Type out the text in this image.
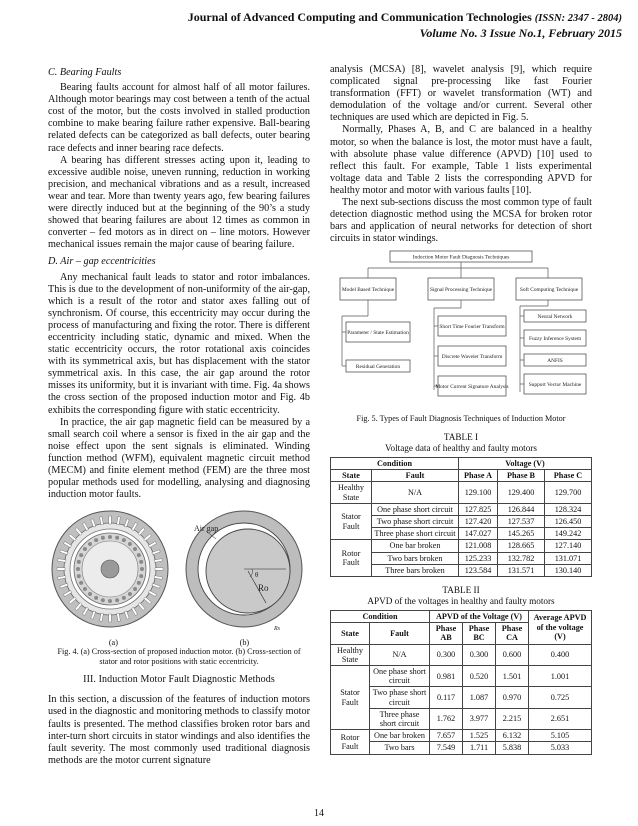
Journal of Advanced Computing and Communication Technologies (ISSN: 2347 - 2804)
Volume No. 3 Issue No.1, February 2015
C. Bearing Faults

Bearing faults account for almost half of all motor failures. Although motor bearings may cost between a tenth of the actual cost of the motor, but the costs involved in stalled production combine to make bearing failure rather expensive. Ball-bearing related defects can be categorized as ball defects, outer bearing race defects and inner bearing race defects.

A bearing has different stresses acting upon it, leading to excessive audible noise, uneven running, reduction in working precision, and mechanical vibrations and as a result, increased wear and tear. More than twenty years ago, few bearing failures were directly induced but at the beginning of the 90’s a study showed that bearing failures are about 12 times as common in converter – fed motors as in direct on – line motors. However mechanical issues remain the major cause of bearing failure.

D. Air – gap eccentricities

Any mechanical fault leads to stator and rotor imbalances. This is due to the development of non-uniformity of the air-gap, which is a result of the rotor and stator axes falling out of synchronism. Of course, this eccentricity may occur during the process of manufacturing and fixing the rotor. There is different eccentricity including static, dynamic and mixed. When the static eccentricity occurs, the rotor rotational axis coincides with its symmetrical axis, but has displacement with the stator symmetrical axis. In this case, the air gap around the rotor misses its uniformity, but it is invariant with time. Fig. 4a shows the cross section of the proposed induction motor and Fig. 4b exhibits the corresponding figure with static eccentricity.

In practice, the air gap magnetic field can be measured by a small search coil where a sensor is fixed in the air gap and the noise effect upon the sent signals is eliminated. Winding function method (WFM), equivalent magnetic circuit method (MECM) and finite element method (FEM) are the three most popular methods used for modelling, analysing and diagnosing induction motor faults.

Air gap
Ro
Rs
θ
(a)	(b)
Fig. 4. (a) Cross-section of proposed induction motor. (b) Cross-section of stator and rotor positions with static eccentricity.
III. Induction Motor Fault Diagnostic Methods

In this section, a discussion of the features of induction motors used in the diagnostic and monitoring methods to classify motor faults is presented. The method classifies broken rotor bars and inter-turn short circuits in stator windings and also identifies the fault severity. The most commonly used traditional diagnosis methods are the motor current signature

analysis (MCSA) [8], wavelet analysis [9], which require complicated signal pre-processing like fast Fourier transformation (FFT) or wavelet transformation (WT) and demodulation of the voltage and/or current. Several other techniques are used which are depicted in Fig. 5.

Normally, Phases A, B, and C are balanced in a healthy motor, so when the balance is lost, the motor must have a fault, with absolute phase value difference (APVD) [10] used to reflect this fault. For example, Table 1 lists experimental voltage data and Table 2 lists the corresponding APVD for healthy motor and motor with various faults [10].

The next sub-sections discuss the most common type of fault detection diagnostic method using the MCSA for broken rotor bars and application of neural networks for detection of short circuits in stator windings.

Induction Motor Fault Diagnosis Techniques
Model Based Technique	Signal Processing Technique	Soft Computing Technique
Parameter / State Estimation
Residual Generation
Short Time Fourier Transform
Discrete Wavelet Transform
Motor Current Signature Analysis
Neural Network
Fuzzy Inference System
ANFIS
Support Vector Machine
Fig. 5. Types of Fault Diagnosis Techniques of Induction Motor
TABLE I
Voltage data of healthy and faulty motors
Condition		Voltage (V)		
State	Fault	Phase A	Phase B	Phase C
Healthy State	N/A	129.100	129.400	129.700
Stator Fault	One phase short circuit	127.825	126.844	128.324
	Two phase short circuit	127.420	127.537	126.450
	Three phase short circuit	147.027	145.265	149.242
Rotor Fault	One bar broken	121.008	128.665	127.140
	Two bars broken	125.233	132.782	131.071
	Three bars broken	123.584	131.571	130.140
TABLE II
APVD of the voltages in healthy and faulty motors
Condition		APVD of the Voltage (V)			Average APVD of the voltage (V)
State	Fault	Phase AB	Phase BC	Phase CA	
Healthy State	N/A	0.300	0.300	0.600	0.400
Stator Fault	One phase short circuit	0.981	0.520	1.501	1.001
	Two phase short circuit	0.117	1.087	0.970	0.725
	Three phase short circuit	1.762	3.977	2.215	2.651
Rotor Fault	One bar broken	7.657	1.525	6.132	5.105
	Two bars	7.549	1.711	5.838	5.033
14
